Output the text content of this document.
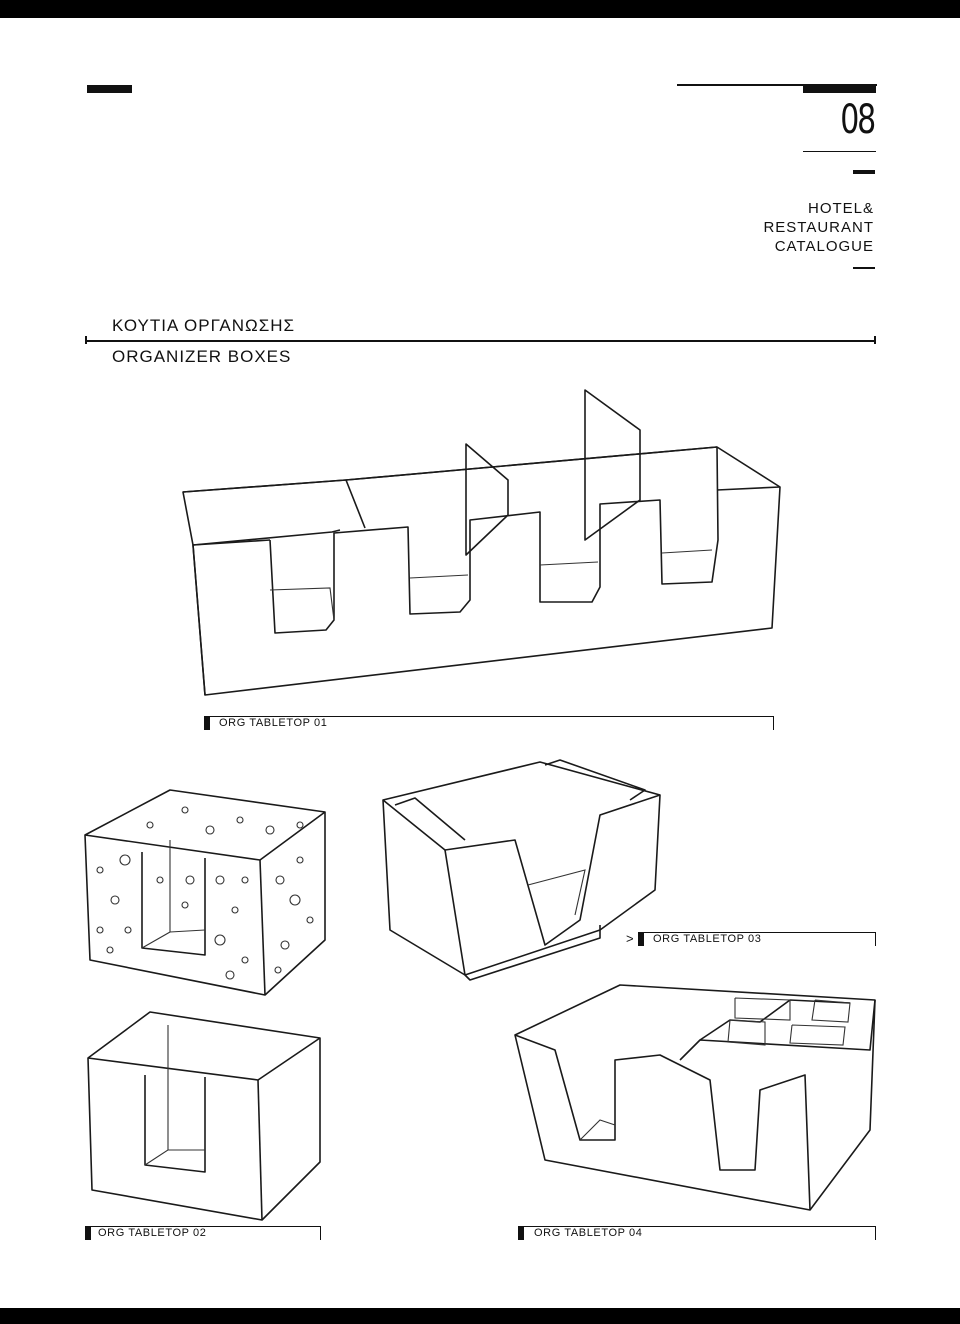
08
HOTEL&
RESTAURANT
CATALOGUE
ΚΟΥΤΙΑ ΟΡΓΑΝΩΣΗΣ
ORGANIZER BOXES
ORG TABLETOP 01
ORG TABLETOP 02
> ORG TABLETOP 03
ORG TABLETOP 04
